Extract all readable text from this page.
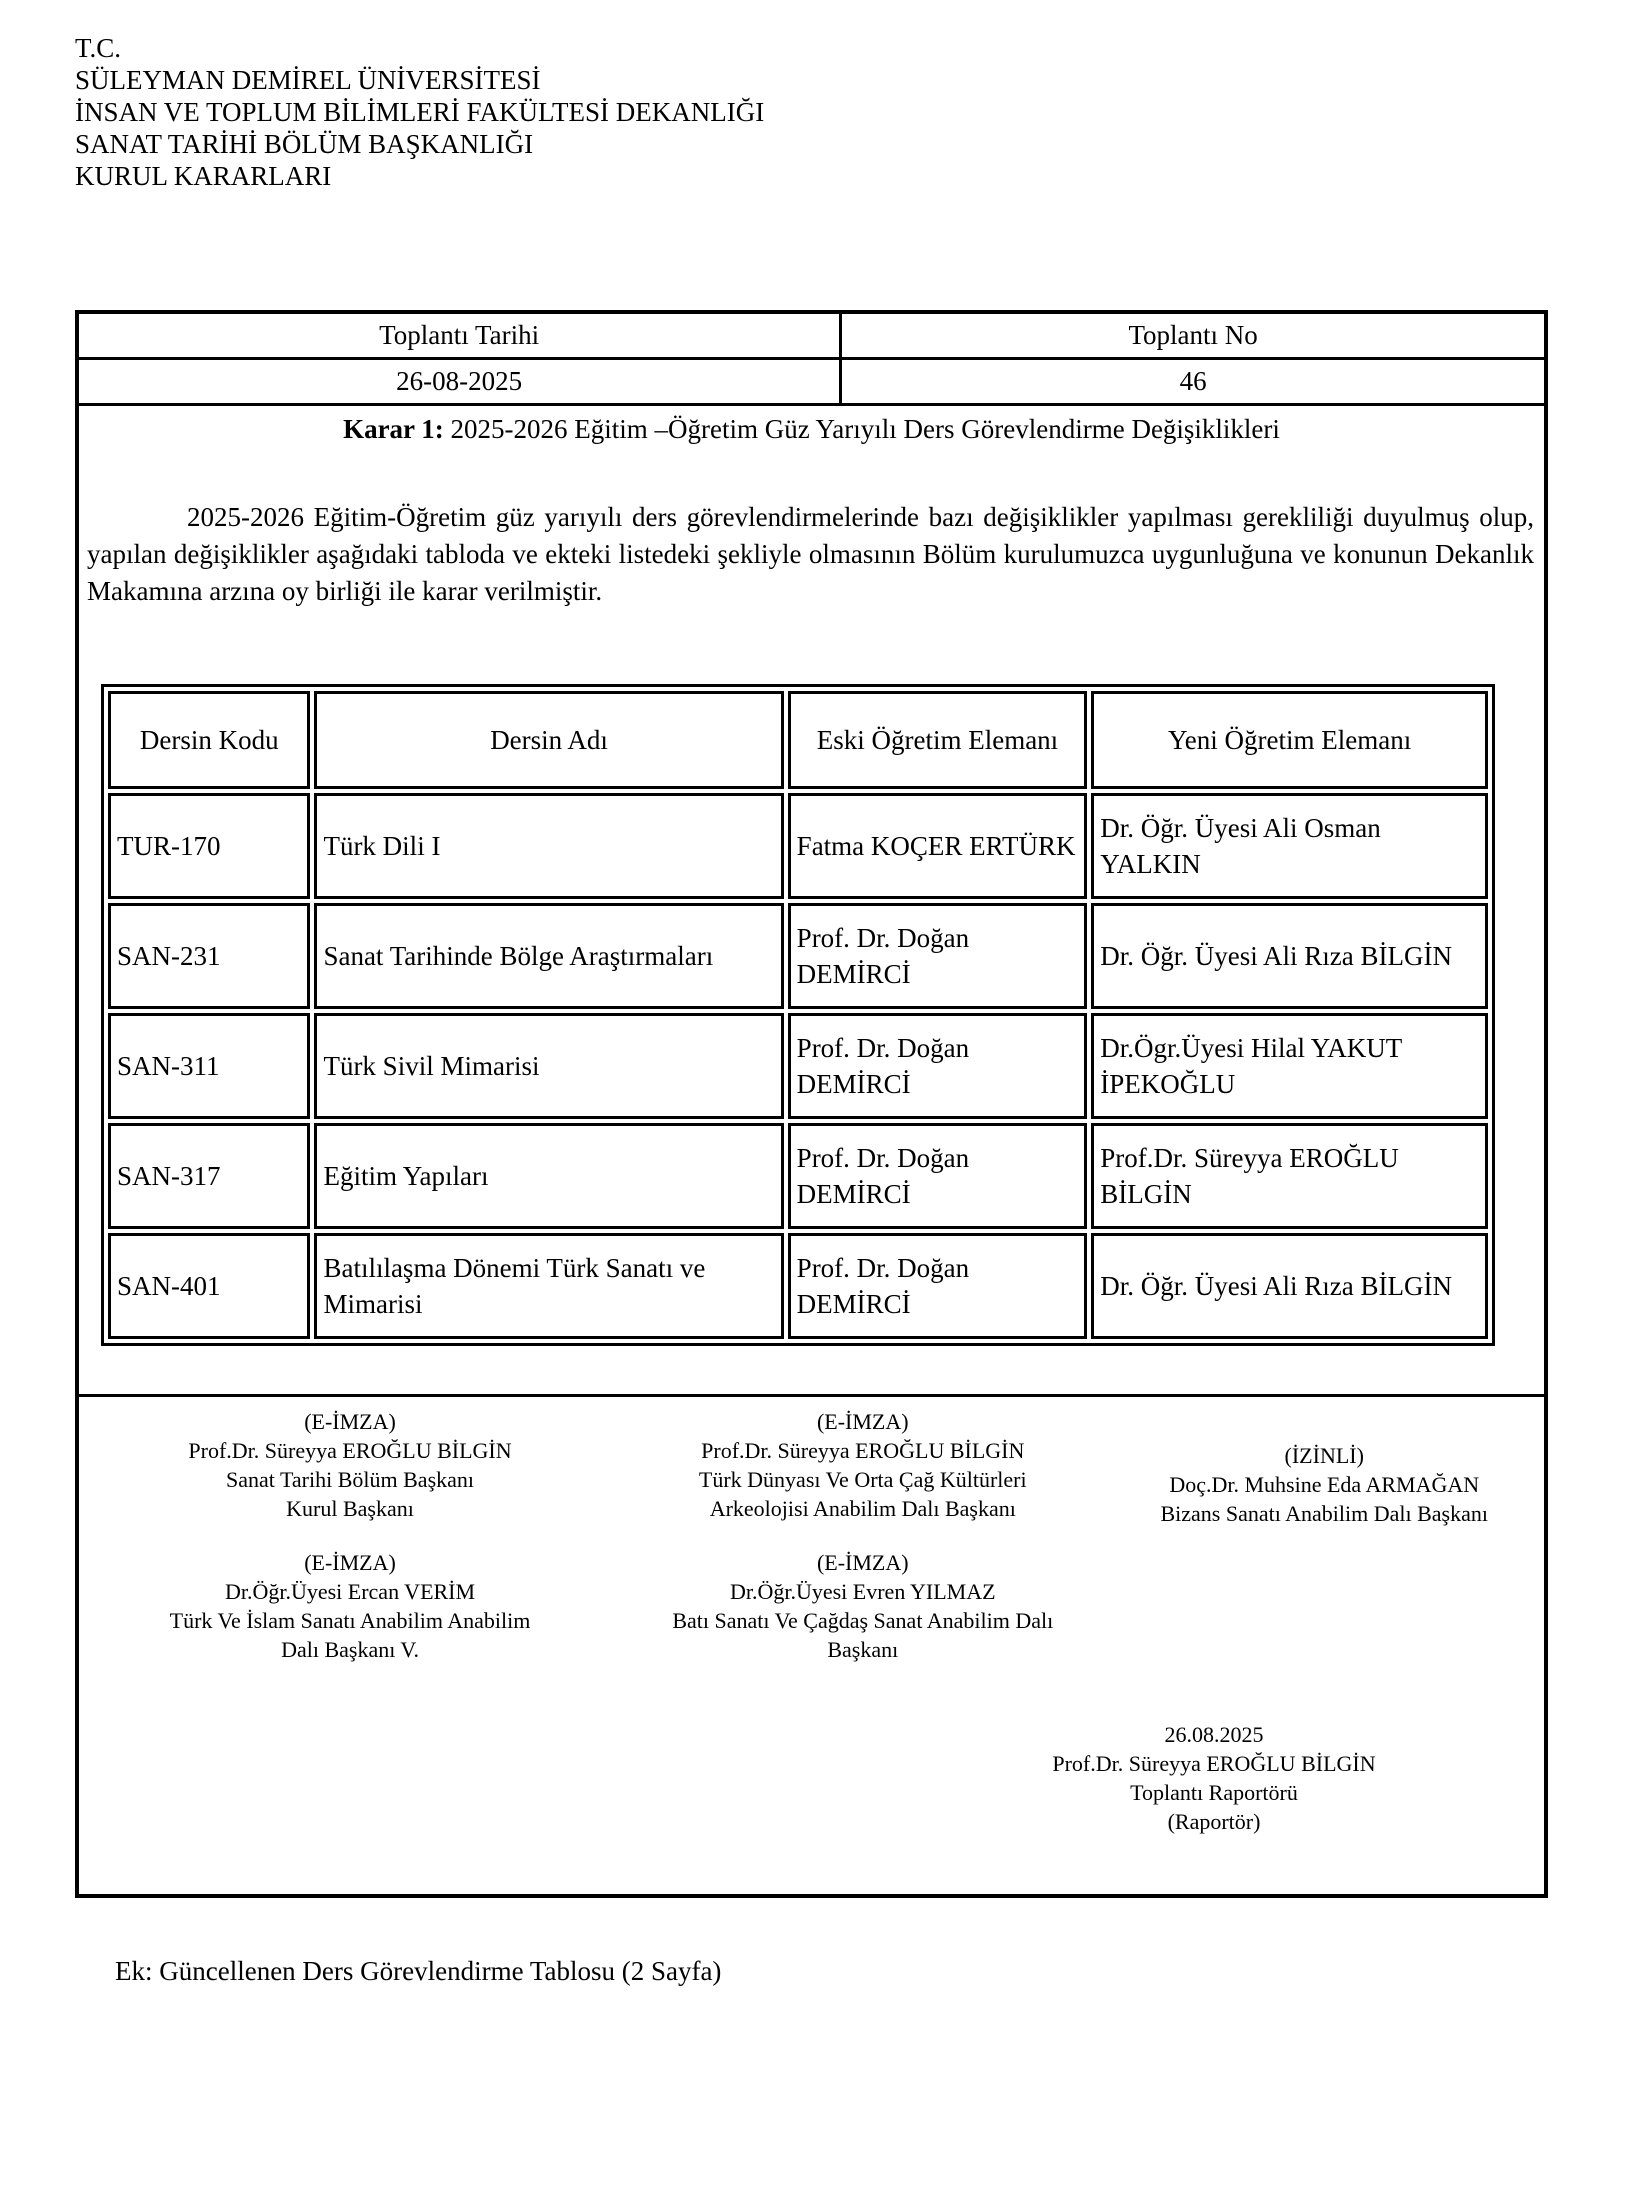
T.C.
SÜLEYMAN DEMİREL ÜNİVERSİTESİ
İNSAN VE TOPLUM BİLİMLERİ FAKÜLTESİ DEKANLIĞI
SANAT TARİHİ BÖLÜM BAŞKANLIĞI
KURUL KARARLARI
Toplantı Tarihi	Toplantı No
26-08-2025	46
Karar 1: 2025-2026 Eğitim –Öğretim Güz Yarıyılı Ders Görevlendirme Değişiklikleri

2025-2026 Eğitim-Öğretim güz yarıyılı ders görevlendirmelerinde bazı değişiklikler yapılması gerekliliği duyulmuş olup, yapılan değişiklikler aşağıdaki tabloda ve ekteki listedeki şekliyle olmasının Bölüm kurulumuzca uygunluğuna ve konunun Dekanlık Makamına arzına oy birliği ile karar verilmiştir.

Dersin Kodu	Dersin Adı	Eski Öğretim Elemanı	Yeni Öğretim Elemanı
TUR-170	Türk Dili I	Fatma KOÇER ERTÜRK	Dr. Öğr. Üyesi Ali Osman YALKIN
SAN-231	Sanat Tarihinde Bölge Araştırmaları	Prof. Dr. Doğan DEMİRCİ	Dr. Öğr. Üyesi Ali Rıza BİLGİN
SAN-311	Türk Sivil Mimarisi	Prof. Dr. Doğan DEMİRCİ	Dr.Ögr.Üyesi Hilal YAKUT İPEKOĞLU
SAN-317	Eğitim Yapıları	Prof. Dr. Doğan DEMİRCİ	Prof.Dr. Süreyya EROĞLU BİLGİN
SAN-401	Batılılaşma Dönemi Türk Sanatı ve Mimarisi	Prof. Dr. Doğan DEMİRCİ	Dr. Öğr. Üyesi Ali Rıza BİLGİN
(E-İMZA)
Prof.Dr. Süreyya EROĞLU BİLGİN
Sanat Tarihi Bölüm Başkanı
Kurul Başkanı
(E-İMZA)
Prof.Dr. Süreyya EROĞLU BİLGİN
Türk Dünyası Ve Orta Çağ Kültürleri
Arkeolojisi Anabilim Dalı Başkanı
(İZİNLİ)
Doç.Dr. Muhsine Eda ARMAĞAN
Bizans Sanatı Anabilim Dalı Başkanı
(E-İMZA)
Dr.Öğr.Üyesi Ercan VERİM
Türk Ve İslam Sanatı Anabilim Anabilim
Dalı Başkanı V.
(E-İMZA)
Dr.Öğr.Üyesi Evren YILMAZ
Batı Sanatı Ve Çağdaş Sanat Anabilim Dalı
Başkanı
26.08.2025
Prof.Dr. Süreyya EROĞLU BİLGİN
Toplantı Raportörü
(Raportör)
Ek: Güncellenen Ders Görevlendirme Tablosu (2 Sayfa)
